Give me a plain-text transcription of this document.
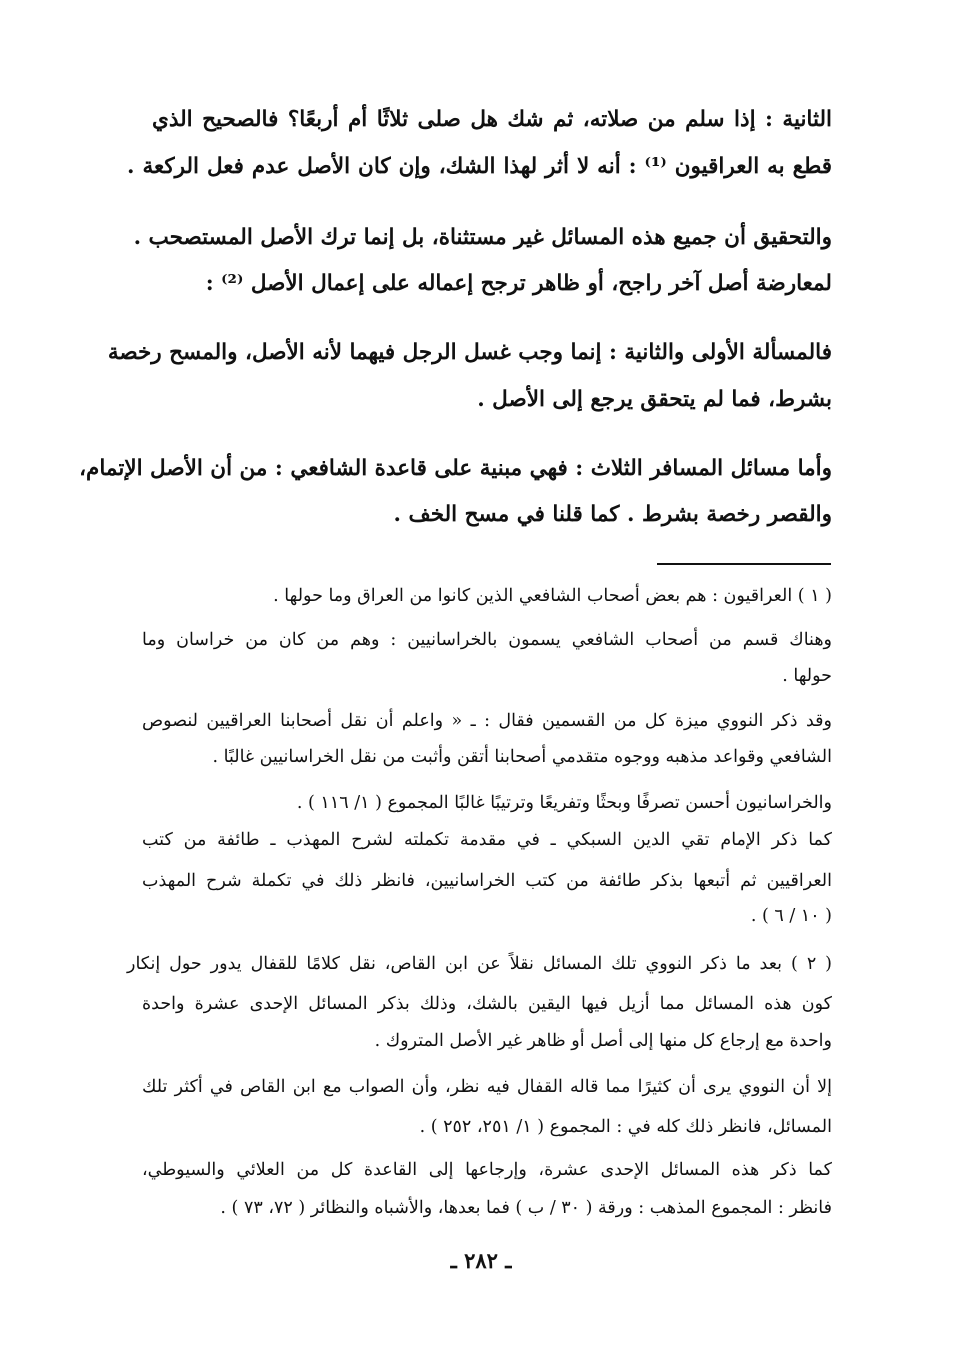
الثانية : إذا سلم من صلاته، ثم شك هل صلى ثلاثًا أم أربعًا؟ فالصحيح الذي
قطع به العراقيون ⁽¹⁾ : أنه لا أثر لهذا الشك، وإن كان الأصل عدم فعل الركعة .
والتحقيق أن جميع هذه المسائل غير مستثناة، بل إنما ترك الأصل المستصحب .
لمعارضة أصل آخر راجح، أو ظاهر ترجح إعماله على إعمال الأصل ⁽²⁾ :
فالمسألة الأولى والثانية : إنما وجب غسل الرجل فيهما لأنه الأصل، والمسح رخصة
بشرط، فما لم يتحقق يرجع إلى الأصل .
وأما مسائل المسافر الثلاث : فهي مبنية على قاعدة الشافعي : من أن الأصل الإتمام،
والقصر رخصة بشرط . كما قلنا في مسح الخف .
( ١ ) العراقيون : هم بعض أصحاب الشافعي الذين كانوا من العراق وما حولها .
وهناك قسم من أصحاب الشافعي يسمون بالخراسانيين : وهم من كان من خراسان وما
حولها .
وقد ذكر النووي ميزة كل من القسمين فقال : ـ « واعلم أن نقل أصحابنا العراقيين لنصوص
الشافعي وقواعد مذهبه ووجوه متقدمي أصحابنا أتقن وأثبت من نقل الخراسانيين غالبًا .
والخراسانيون أحسن تصرفًا وبحثًا وتفريعًا وترتيبًا غالبًا المجموع ( ١/ ١١٦ ) .
كما ذكر الإمام تقي الدين السبكي ـ في مقدمة تكملته لشرح المهذب ـ طائفة من كتب
العراقيين ثم أتبعها بذكر طائفة من كتب الخراسانيين، فانظر ذلك في تكملة شرح المهذب
( ١٠ / ٦ ) .
( ٢ ) بعد ما ذكر النووي تلك المسائل نقلاً عن ابن القاص، نقل كلامًا للقفال يدور حول إنكار
كون هذه المسائل مما أزيل فيها اليقين بالشك، وذلك بذكر المسائل الإحدى عشرة واحدة
واحدة مع إرجاع كل منها إلى أصل أو ظاهر غير الأصل المتروك .
إلا أن النووي يرى أن كثيرًا مما قاله القفال فيه نظر، وأن الصواب مع ابن القاص في أكثر تلك
المسائل، فانظر ذلك كله في : المجموع ( ١/ ٢٥١، ٢٥٢ ) .
كما ذكر هذه المسائل الإحدى عشرة، وإرجاعها إلى القاعدة كل من العلائي والسيوطي،
فانظر : المجموع المذهب : ورقة ( ٣٠ / ب ) فما بعدها، والأشباه والنظائر ( ٧٢، ٧٣ ) .
ـ ٢٨٢ ـ
